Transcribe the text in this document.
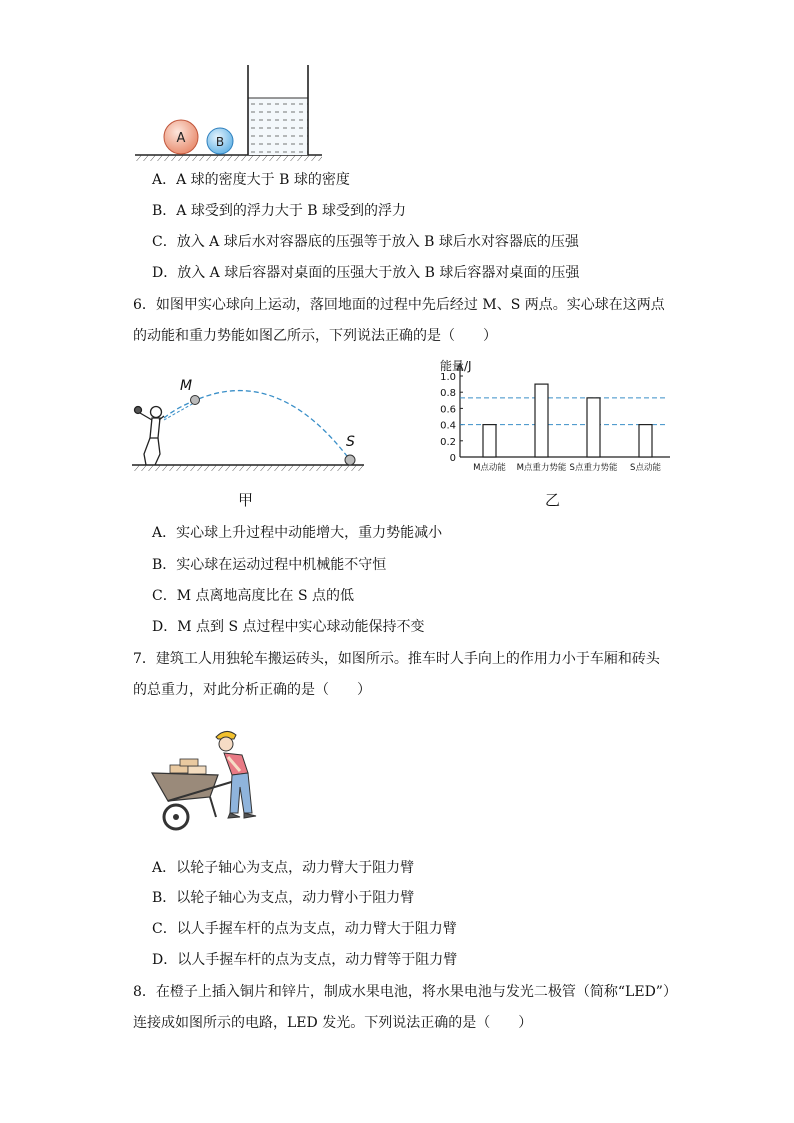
A	B
A．A 球的密度大于 B 球的密度
B．A 球受到的浮力大于 B 球受到的浮力
C．放入 A 球后水对容器底的压强等于放入 B 球后水对容器底的压强
D．放入 A 球后容器对桌面的压强大于放入 B 球后容器对桌面的压强
6．如图甲实心球向上运动，落回地面的过程中先后经过 M、S 两点。实心球在这两点
的动能和重力势能如图乙所示，下列说法正确的是（　　）
M
S
甲
能量/J
0
0.2
0.4
0.6
0.8
1.0
M点动能 M点重力势能 S点重力势能 S点动能
乙
A．实心球上升过程中动能增大，重力势能减小
B．实心球在运动过程中机械能不守恒
C．M 点离地高度比在 S 点的低
D．M 点到 S 点过程中实心球动能保持不变
7．建筑工人用独轮车搬运砖头，如图所示。推车时人手向上的作用力小于车厢和砖头
的总重力，对此分析正确的是（　　）
A．以轮子轴心为支点，动力臂大于阻力臂
B．以轮子轴心为支点，动力臂小于阻力臂
C．以人手握车杆的点为支点，动力臂大于阻力臂
D．以人手握车杆的点为支点，动力臂等于阻力臂
8．在橙子上插入铜片和锌片，制成水果电池，将水果电池与发光二极管（简称“LED”）
连接成如图所示的电路，LED 发光。下列说法正确的是（　　）
